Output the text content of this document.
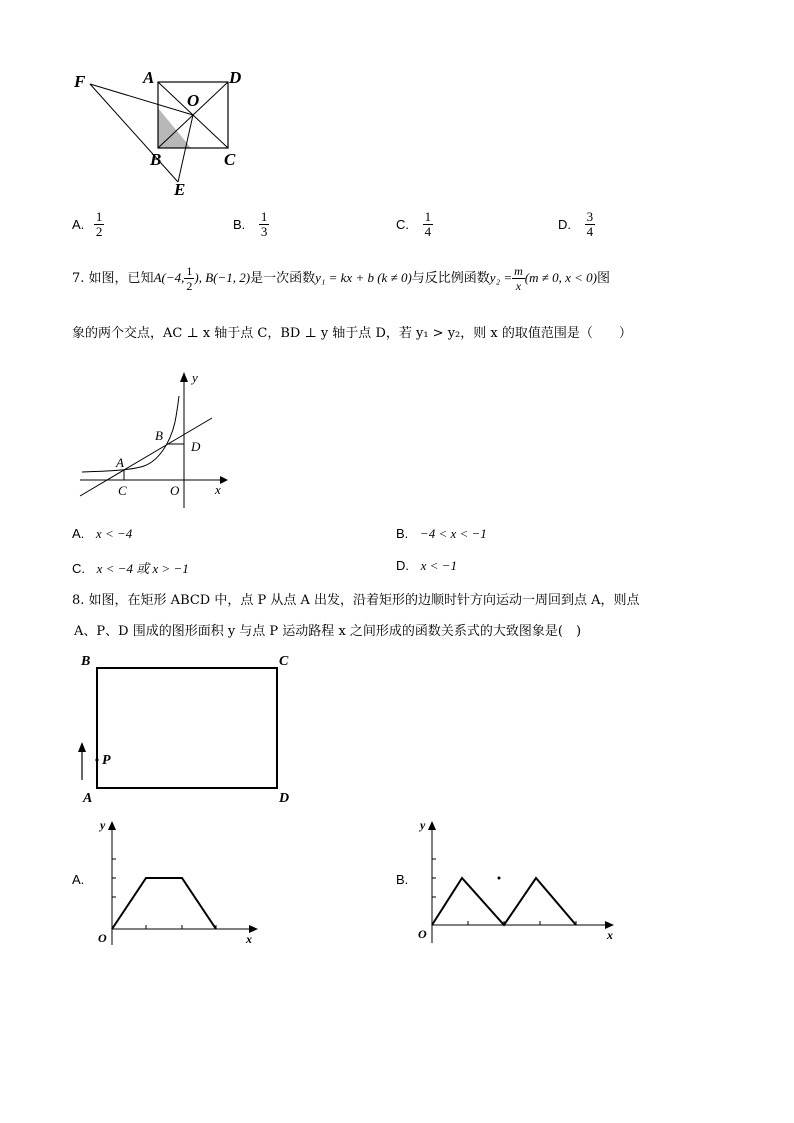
F	A	D
O
B	C
E
A. $\frac{1}{2}$	B. $\frac{1}{3}$	C. $\frac{1}{4}$	D. $\frac{3}{4}$
7. 如图，已知A(−4, $\frac{1}{2}$ ), B(−1, 2)是一次函数y₁ = kx + b (k ≠ 0)与反比例函数$y_2 = \frac{m}{x} (m \ne 0$, x < 0)图
象的两个交点，AC ⊥ x 轴于点 C，BD ⊥ y 轴于点 D，若 y₁ > y₂，则 x 的取值范围是（　　）
y
x
A
B
C
D
O
A. x < −4	B. −4 < x < −1
C. x < −4 或 x > −1	D. x < −1
8. 如图，在矩形 ABCD 中，点 P 从点 A 出发，沿着矩形的边顺时针方向运动一周回到点 A，则点
A、P、D 围成的图形面积 y 与点 P 运动路程 x 之间形成的函数关系式的大致图象是(　)
B	C
P
A	D
A.
y
x
O
B.
y
x
O
